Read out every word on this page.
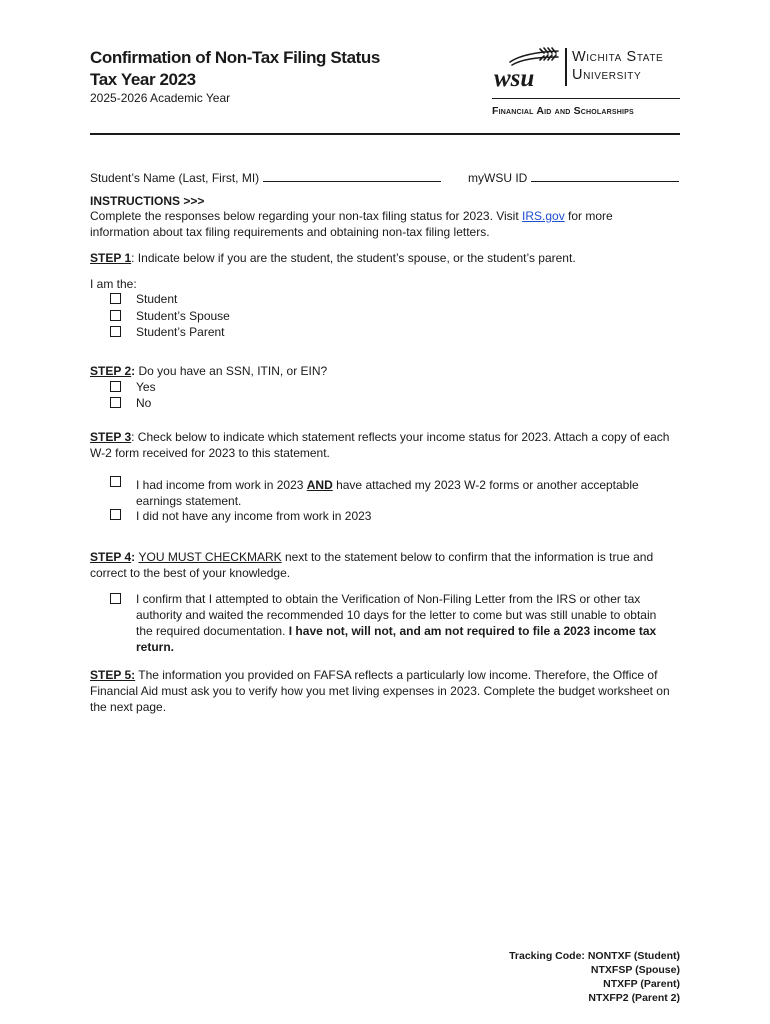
Confirmation of Non-Tax Filing Status
Tax Year 2023
2025-2026 Academic Year
wsu
Wichita State
University
Financial Aid and Scholarships
Student’s Name (Last, First, MI)	myWSU ID
INSTRUCTIONS >>>
Complete the responses below regarding your non-tax filing status for 2023. Visit IRS.gov for more information about tax filing requirements and obtaining non-tax filing letters.
STEP 1: Indicate below if you are the student, the student’s spouse, or the student’s parent.
I am the:
Student
Student’s Spouse
Student’s Parent
STEP 2: Do you have an SSN, ITIN, or EIN?
Yes
No
STEP 3: Check below to indicate which statement reflects your income status for 2023. Attach a copy of each W-2 form received for 2023 to this statement.
I had income from work in 2023 AND have attached my 2023 W-2 forms or another acceptable earnings statement.
I did not have any income from work in 2023
STEP 4: YOU MUST CHECKMARK next to the statement below to confirm that the information is true and correct to the best of your knowledge.
I confirm that I attempted to obtain the Verification of Non-Filing Letter from the IRS or other tax authority and waited the recommended 10 days for the letter to come but was still unable to obtain the required documentation. I have not, will not, and am not required to file a 2023 income tax return.
STEP 5: The information you provided on FAFSA reflects a particularly low income. Therefore, the Office of Financial Aid must ask you to verify how you met living expenses in 2023. Complete the budget worksheet on the next page.
Tracking Code: NONTXF (Student)
NTXFSP (Spouse)
NTXFP (Parent)
NTXFP2 (Parent 2)
